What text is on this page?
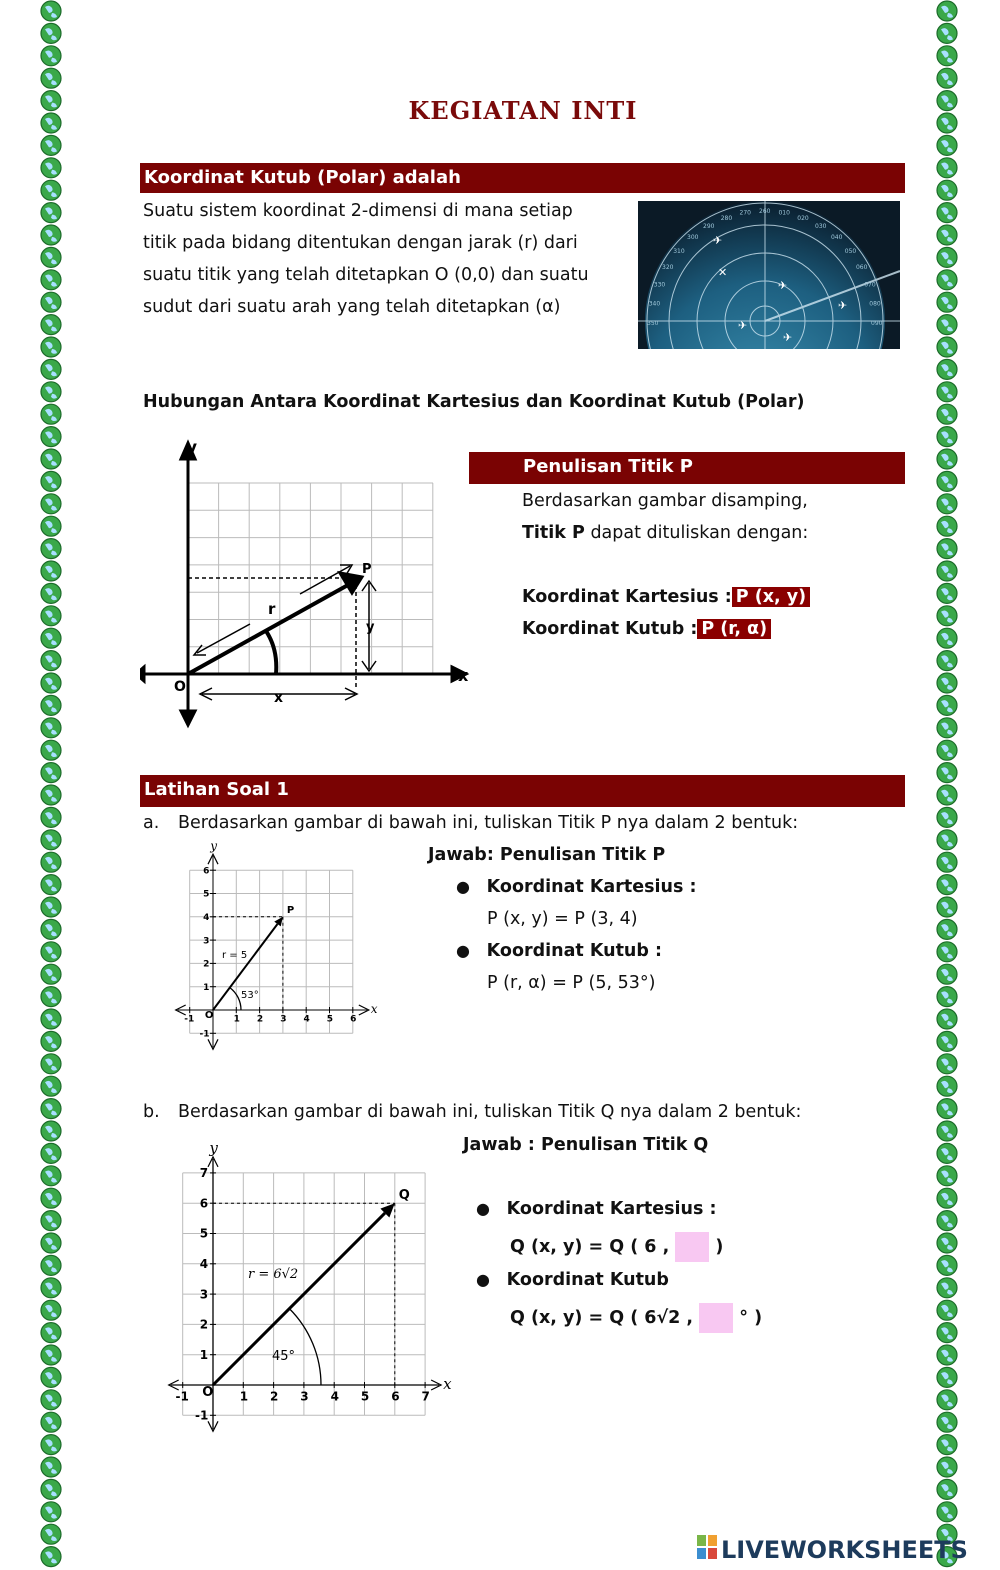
KEGIATAN INTI
Koordinat Kutub (Polar) adalah
Suatu sistem koordinat 2-dimensi di mana setiap
titik pada bidang ditentukan dengan jarak (r) dari
suatu titik yang telah ditetapkan O (0,0) dan suatu
sudut dari suatu arah yang telah ditetapkan (α)
✈
✈
✈
✈
✈
✕
350
340
330
320
310
300
290
280
270 260 010
020
030
040
050
060
070
080
090
Hubungan Antara Koordinat Kartesius dan Koordinat Kutub (Polar)
y
x
O
P
r
y
x
Penulisan Titik P
Berdasarkan gambar disamping,
Titik P dapat dituliskan dengan:
Koordinat Kartesius : P (x, y)
Koordinat Kutub : P (r, α)
Latihan Soal 1
a. Berdasarkan gambar di bawah ini, tuliskan Titik P nya dalam 2 bentuk:
-1	1 2 3 4 5 6
-1
1
2
3
4
5
6
O	x
y
P
r = 5
53°
Jawab: Penulisan Titik P
● Koordinat Kartesius :
P (x, y) = P (3, 4)
● Koordinat Kutub :
P (r, α) = P (5, 53°)
b. Berdasarkan gambar di bawah ini, tuliskan Titik Q nya dalam 2 bentuk:
-1	1 2 3 4 5 6 7
-1
1
2
3
4
5
6
7
O	x
y
Q
r = 6√2
45°
Jawab : Penulisan Titik Q
● Koordinat Kartesius :
Q (x, y) = Q ( 6 ,	)
● Koordinat Kutub
Q (x, y) = Q ( 6√2 ,	° )
LIVEWORKSHEETS
